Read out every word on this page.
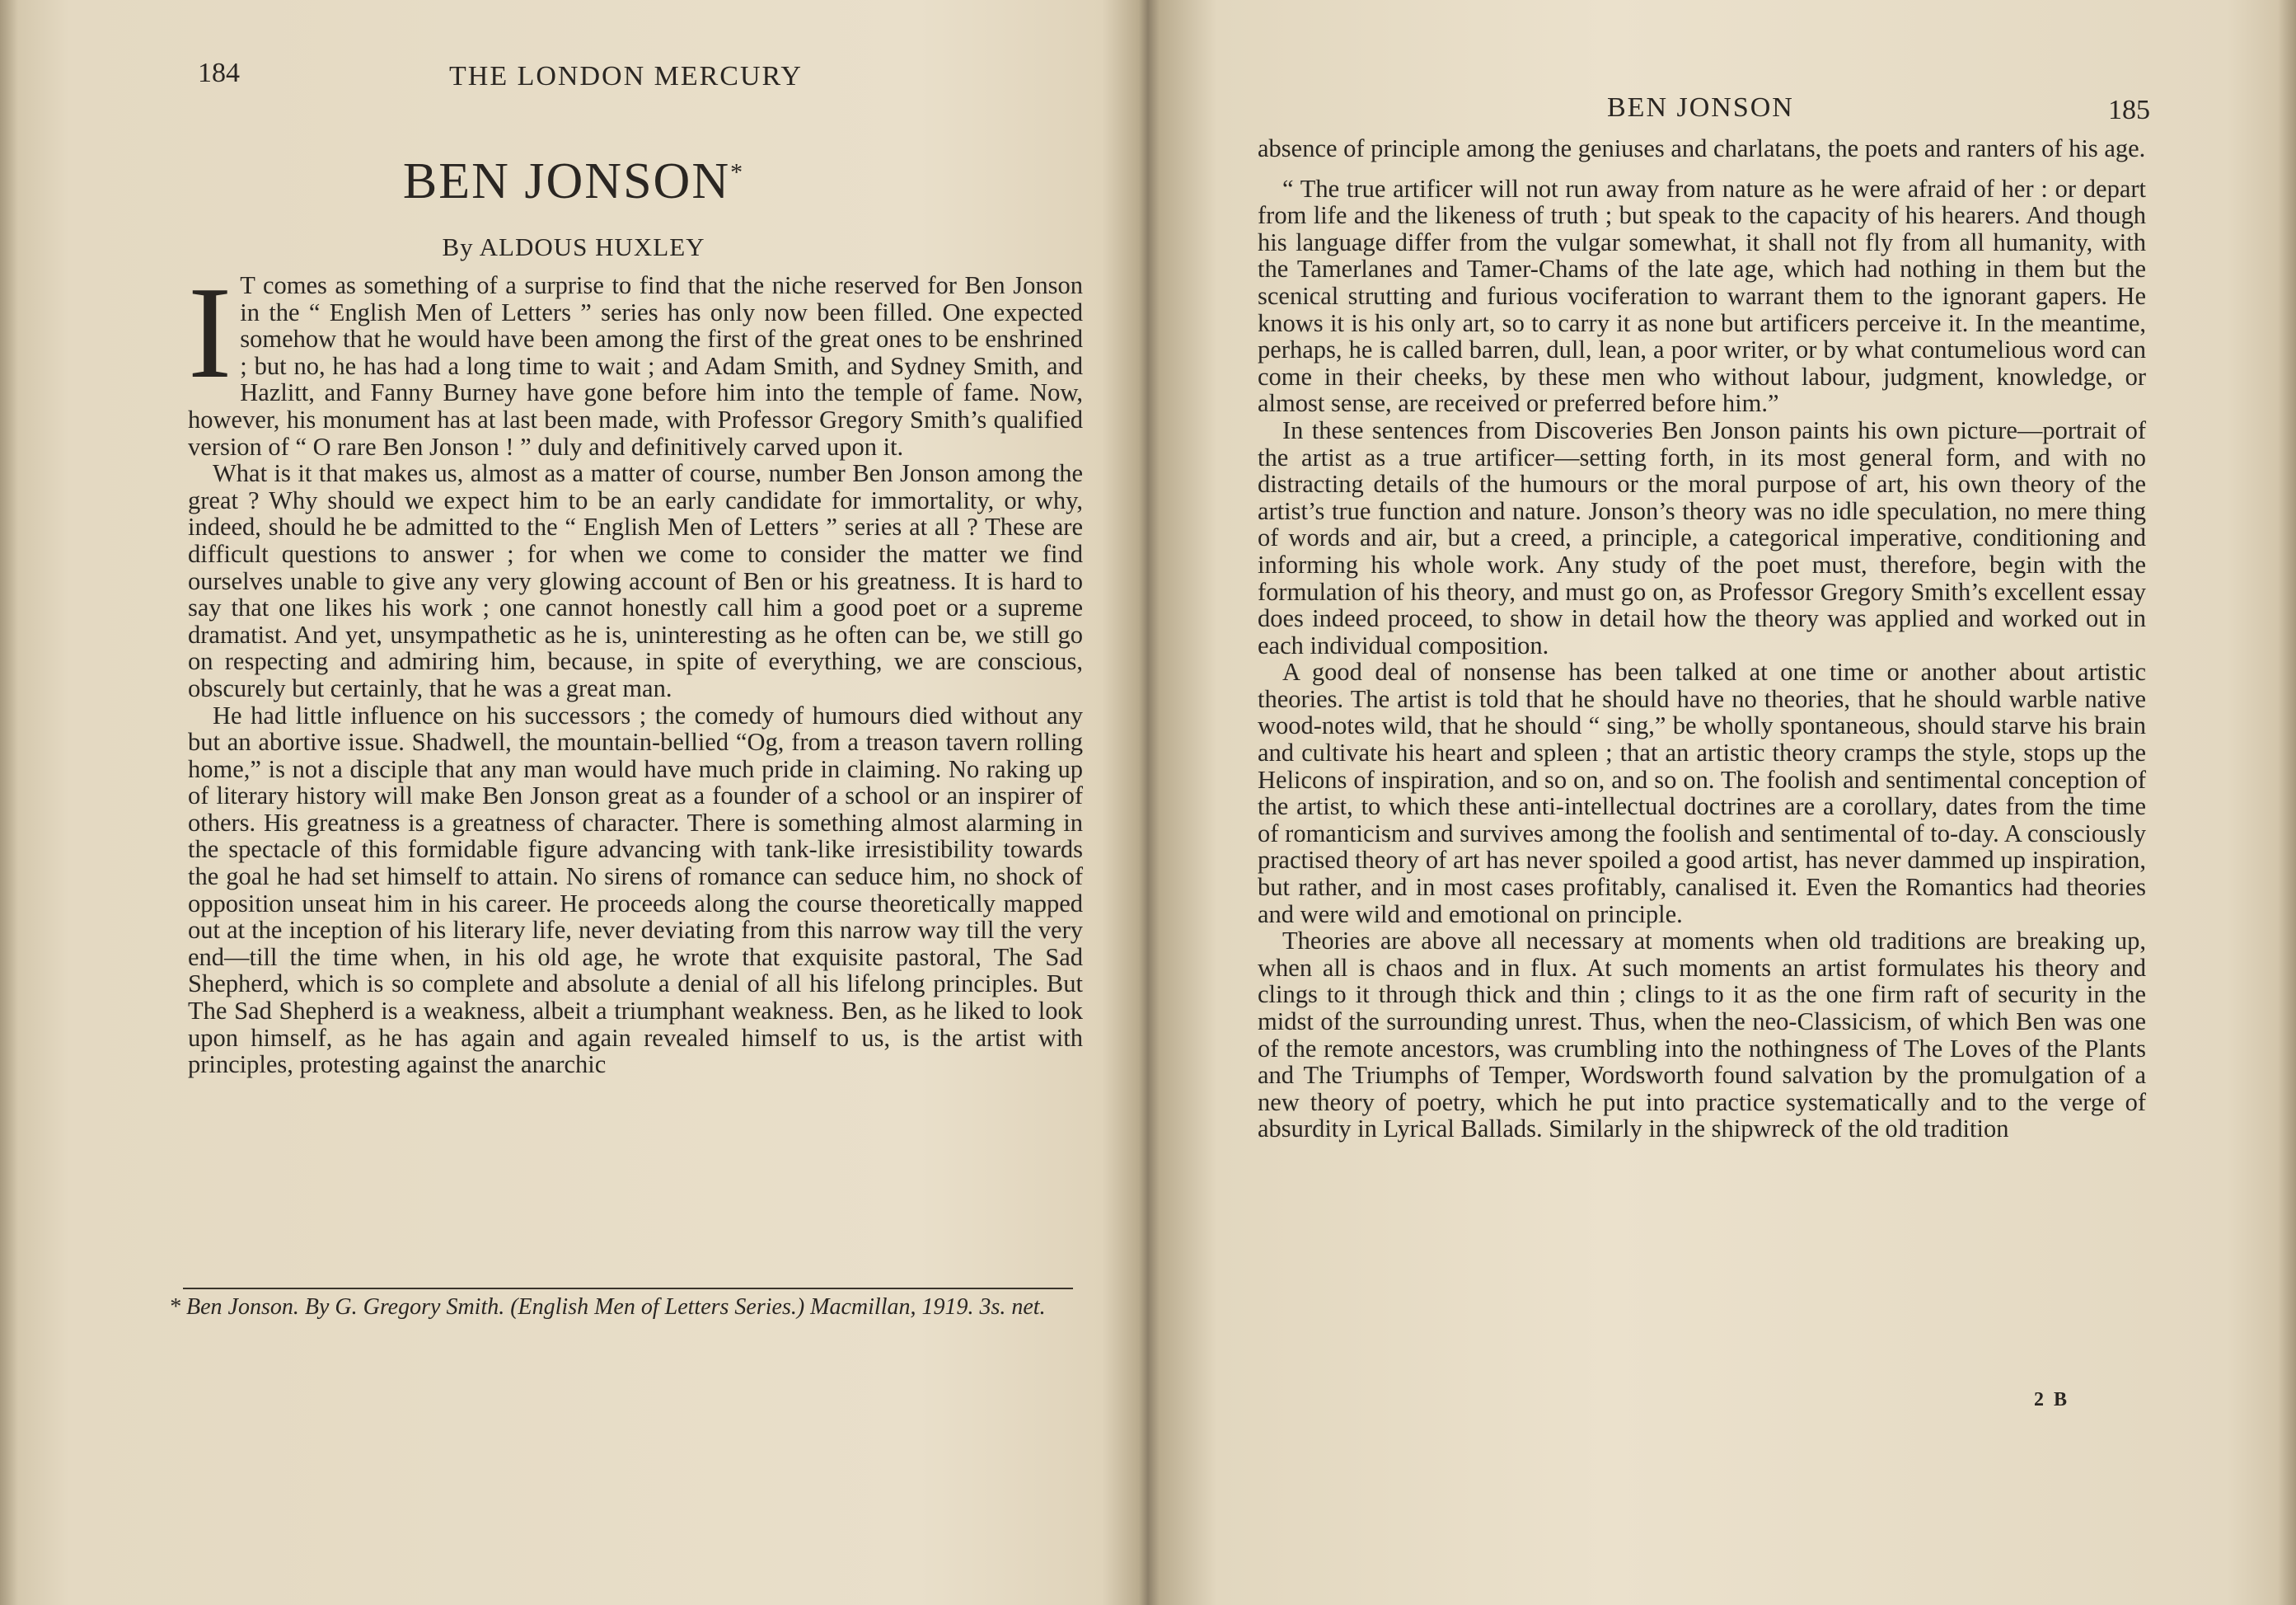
184	THE LONDON MERCURY
BEN JONSON*
By ALDOUS HUXLEY

I T comes as something of a surprise to find that the niche reserved for Ben Jonson in the “ English Men of Letters ” series has only now been filled. One expected somehow that he would have been among the first of the great ones to be enshrined ; but no, he has had a long time to wait ; and Adam Smith, and Sydney Smith, and Hazlitt, and Fanny Burney have gone before him into the temple of fame. Now, however, his monument has at last been made, with Professor Gregory Smith’s qualified version of “ O rare Ben Jonson ! ” duly and definitively carved upon it.

What is it that makes us, almost as a matter of course, number Ben Jonson among the great ? Why should we expect him to be an early candidate for immortality, or why, indeed, should he be admitted to the “ English Men of Letters ” series at all ? These are difficult questions to answer ; for when we come to consider the matter we find ourselves unable to give any very glowing account of Ben or his greatness. It is hard to say that one likes his work ; one cannot honestly call him a good poet or a supreme dramatist. And yet, unsympathetic as he is, uninteresting as he often can be, we still go on respecting and admiring him, because, in spite of everything, we are conscious, obscurely but certainly, that he was a great man.

He had little influence on his successors ; the comedy of humours died without any but an abortive issue. Shadwell, the mountain-bellied “Og, from a treason tavern rolling home,” is not a disciple that any man would have much pride in claiming. No raking up of literary history will make Ben Jonson great as a founder of a school or an inspirer of others. His greatness is a greatness of character. There is something almost alarming in the spectacle of this formidable figure advancing with tank-like irresistibility towards the goal he had set himself to attain. No sirens of romance can seduce him, no shock of opposition unseat him in his career. He proceeds along the course theoretically mapped out at the inception of his literary life, never deviating from this narrow way till the very end—till the time when, in his old age, he wrote that exquisite pastoral, The Sad Shepherd, which is so complete and absolute a denial of all his lifelong principles. But The Sad Shepherd is a weakness, albeit a triumphant weakness. Ben, as he liked to look upon himself, as he has again and again revealed himself to us, is the artist with principles, protesting against the anarchic

* Ben Jonson. By G. Gregory Smith. (English Men of Letters Series.) Macmillan, 1919. 3s. net.
BEN JONSON	185

absence of principle among the geniuses and charlatans, the poets and ranters of his age.

“ The true artificer will not run away from nature as he were afraid of her : or depart from life and the likeness of truth ; but speak to the capacity of his hearers. And though his language differ from the vulgar somewhat, it shall not fly from all humanity, with the Tamerlanes and Tamer-Chams of the late age, which had nothing in them but the scenical strutting and furious vociferation to warrant them to the ignorant gapers. He knows it is his only art, so to carry it as none but artificers perceive it. In the meantime, perhaps, he is called barren, dull, lean, a poor writer, or by what contumelious word can come in their cheeks, by these men who without labour, judgment, knowledge, or almost sense, are received or preferred before him.”

In these sentences from Discoveries Ben Jonson paints his own picture—portrait of the artist as a true artificer—setting forth, in its most general form, and with no distracting details of the humours or the moral purpose of art, his own theory of the artist’s true function and nature. Jonson’s theory was no idle speculation, no mere thing of words and air, but a creed, a principle, a categorical imperative, conditioning and informing his whole work. Any study of the poet must, therefore, begin with the formulation of his theory, and must go on, as Professor Gregory Smith’s excellent essay does indeed proceed, to show in detail how the theory was applied and worked out in each individual composition.

A good deal of nonsense has been talked at one time or another about artistic theories. The artist is told that he should have no theories, that he should warble native wood-notes wild, that he should “ sing,” be wholly spontaneous, should starve his brain and cultivate his heart and spleen ; that an artistic theory cramps the style, stops up the Helicons of inspiration, and so on, and so on. The foolish and sentimental conception of the artist, to which these anti-intellectual doctrines are a corollary, dates from the time of romanticism and survives among the foolish and sentimental of to-day. A consciously practised theory of art has never spoiled a good artist, has never dammed up inspiration, but rather, and in most cases profitably, canalised it. Even the Romantics had theories and were wild and emotional on principle.

Theories are above all necessary at moments when old traditions are breaking up, when all is chaos and in flux. At such moments an artist formulates his theory and clings to it through thick and thin ; clings to it as the one firm raft of security in the midst of the surrounding unrest. Thus, when the neo-Classicism, of which Ben was one of the remote ancestors, was crumbling into the nothingness of The Loves of the Plants and The Triumphs of Temper, Wordsworth found salvation by the promulgation of a new theory of poetry, which he put into practice systematically and to the verge of absurdity in Lyrical Ballads. Similarly in the shipwreck of the old tradition

2 B
